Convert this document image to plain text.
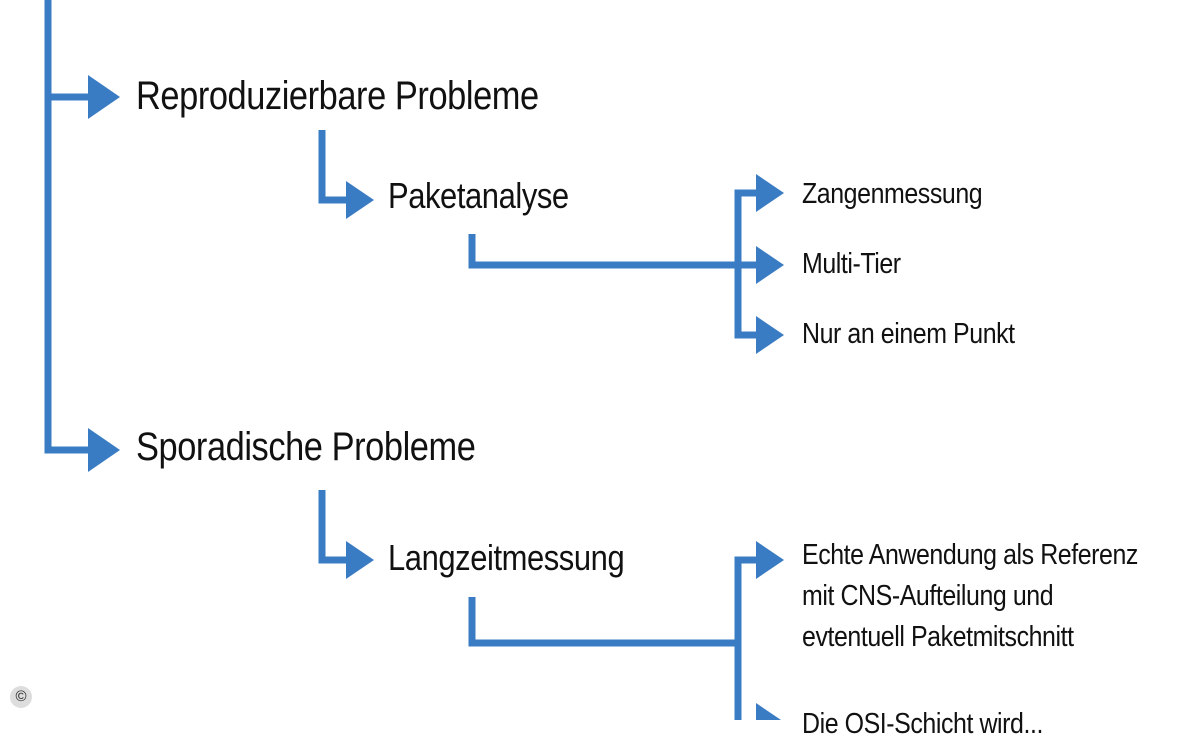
Reproduzierbare Probleme

Paketanalyse	Zangenmessung

Multi-Tier

Nur an einem Punkt

Sporadische Probleme

Langzeitmessung	Echte Anwendung als Referenz
mit CNS-Aufteilung und
evtentuell Paketmitschnitt

Die OSI-Schicht wird...

©
